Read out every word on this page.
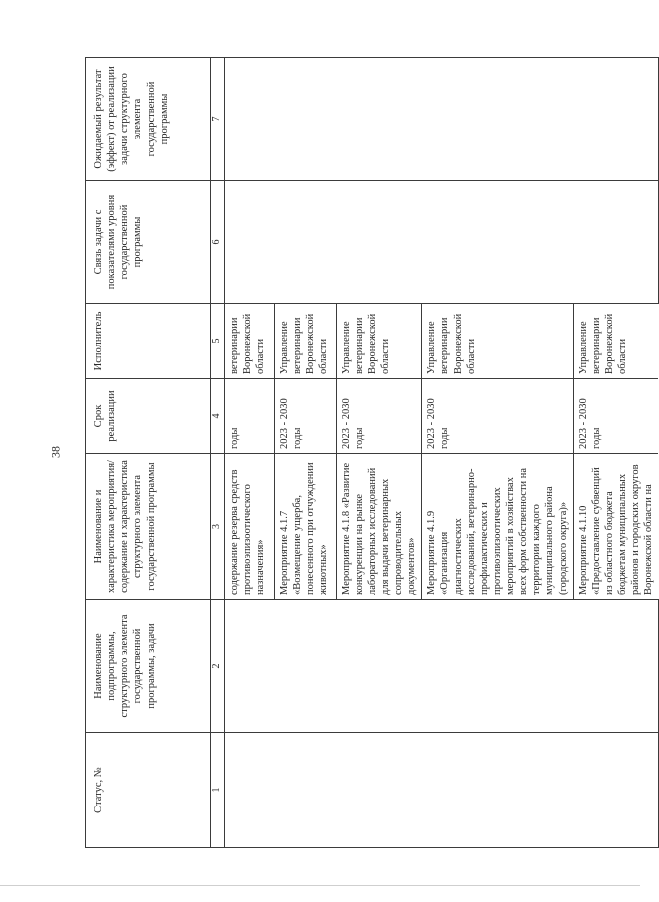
38
Статус, №	Наименование подпрограммы, структурного элемента государственной программы, задачи	Наименование и характеристика мероприятия/содержание и характеристика структурного элемента государственной программы	Срок реализации	Исполнитель	Связь задачи с показателями уровня государственной программы	Ожидаемый результат (эффект) от реализации задачи структурного элемента государственной программы
1	2	3	4	5	6	7
		содержание резерва средств противоэпизоотического назначения»	годы	ветеринарии Воронежской области		
		Мероприятие 4.1.7 «Возмещение ущерба, понесенного при отчуждении животных»	2023 - 2030 годы	Управление ветеринарии Воронежской области		
		Мероприятие 4.1.8 «Развитие конкуренции на рынке лабораторных исследований для выдачи ветеринарных сопроводительных документов»	2023 - 2030 годы	Управление ветеринарии Воронежской области		
		Мероприятие 4.1.9 «Организация диагностических исследований, ветеринарно-профилактических и противоэпизоотических мероприятий в хозяйствах всех форм собственности на территории каждого муниципального района (городского округа)»	2023 - 2030 годы	Управление ветеринарии Воронежской области		
		Мероприятие 4.1.10 «Предоставление субвенций из областного бюджета бюджетам муниципальных районов и городских округов Воронежской области на	2023 - 2030 годы	Управление ветеринарии Воронежской области		
